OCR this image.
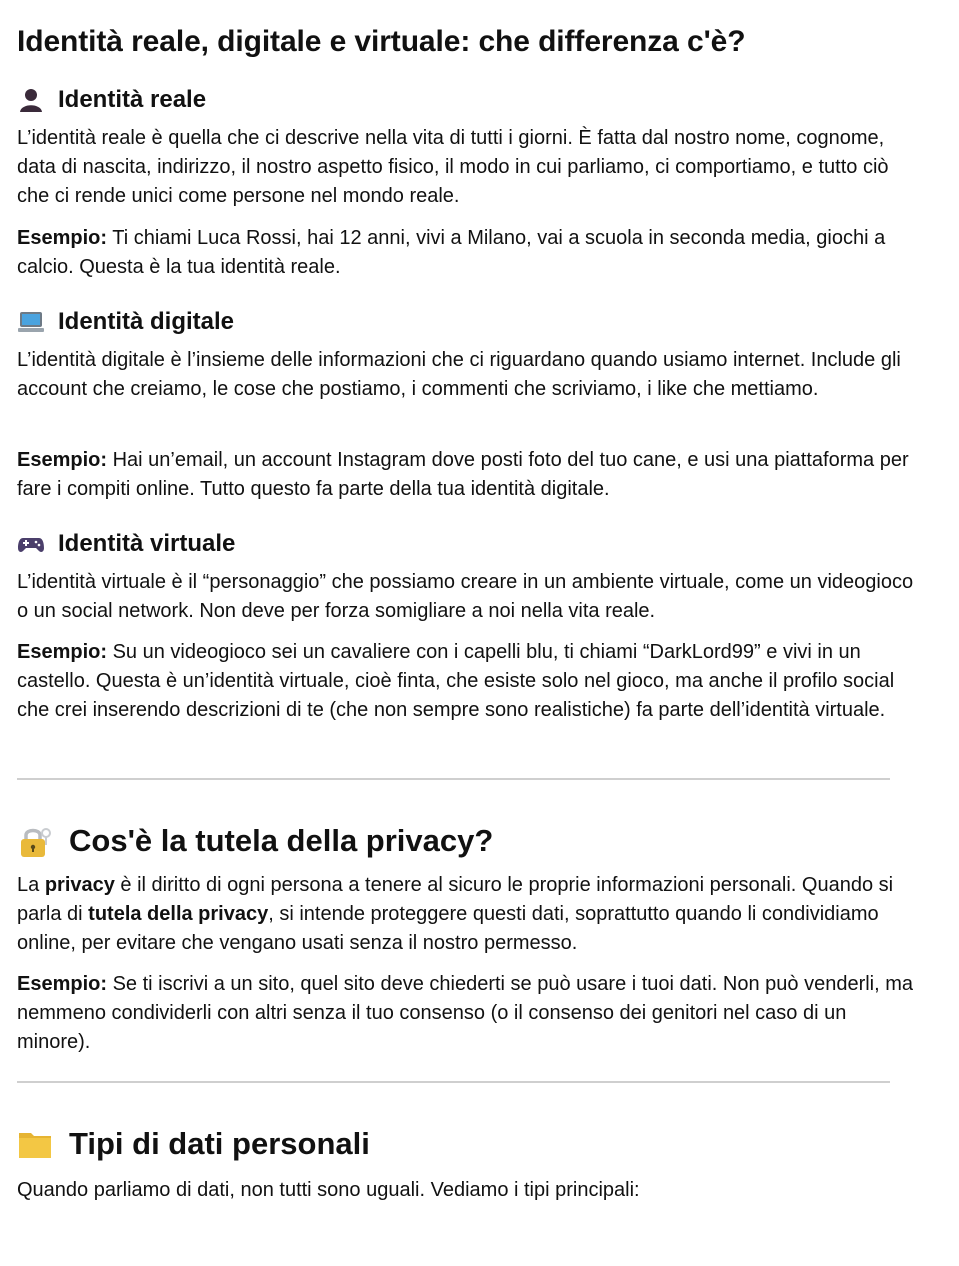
Identità reale, digitale e virtuale: che differenza c'è?
Identità reale

L’identità reale è quella che ci descrive nella vita di tutti i giorni. È fatta dal nostro nome, cognome, data di nascita, indirizzo, il nostro aspetto fisico, il modo in cui parliamo, ci comportiamo, e tutto ciò che ci rende unici come persone nel mondo reale.

Esempio: Ti chiami Luca Rossi, hai 12 anni, vivi a Milano, vai a scuola in seconda media, giochi a calcio. Questa è la tua identità reale.

Identità digitale

L’identità digitale è l’insieme delle informazioni che ci riguardano quando usiamo internet. Include gli account che creiamo, le cose che postiamo, i commenti che scriviamo, i like che mettiamo.

Esempio: Hai un’email, un account Instagram dove posti foto del tuo cane, e usi una piattaforma per fare i compiti online. Tutto questo fa parte della tua identità digitale.

Identità virtuale

L’identità virtuale è il “personaggio” che possiamo creare in un ambiente virtuale, come un videogioco o un social network. Non deve per forza somigliare a noi nella vita reale.

Esempio: Su un videogioco sei un cavaliere con i capelli blu, ti chiami “DarkLord99” e vivi in un castello. Questa è un’identità virtuale, cioè finta, che esiste solo nel gioco, ma anche il profilo social che crei inserendo descrizioni di te (che non sempre sono realistiche) fa parte dell’identità virtuale.

Cos'è la tutela della privacy?

La privacy è il diritto di ogni persona a tenere al sicuro le proprie informazioni personali. Quando si parla di tutela della privacy, si intende proteggere questi dati, soprattutto quando li condividiamo online, per evitare che vengano usati senza il nostro permesso.

Esempio: Se ti iscrivi a un sito, quel sito deve chiederti se può usare i tuoi dati. Non può venderli, ma nemmeno condividerli con altri senza il tuo consenso (o il consenso dei genitori nel caso di un minore).

Tipi di dati personali

Quando parliamo di dati, non tutti sono uguali. Vediamo i tipi principali:
